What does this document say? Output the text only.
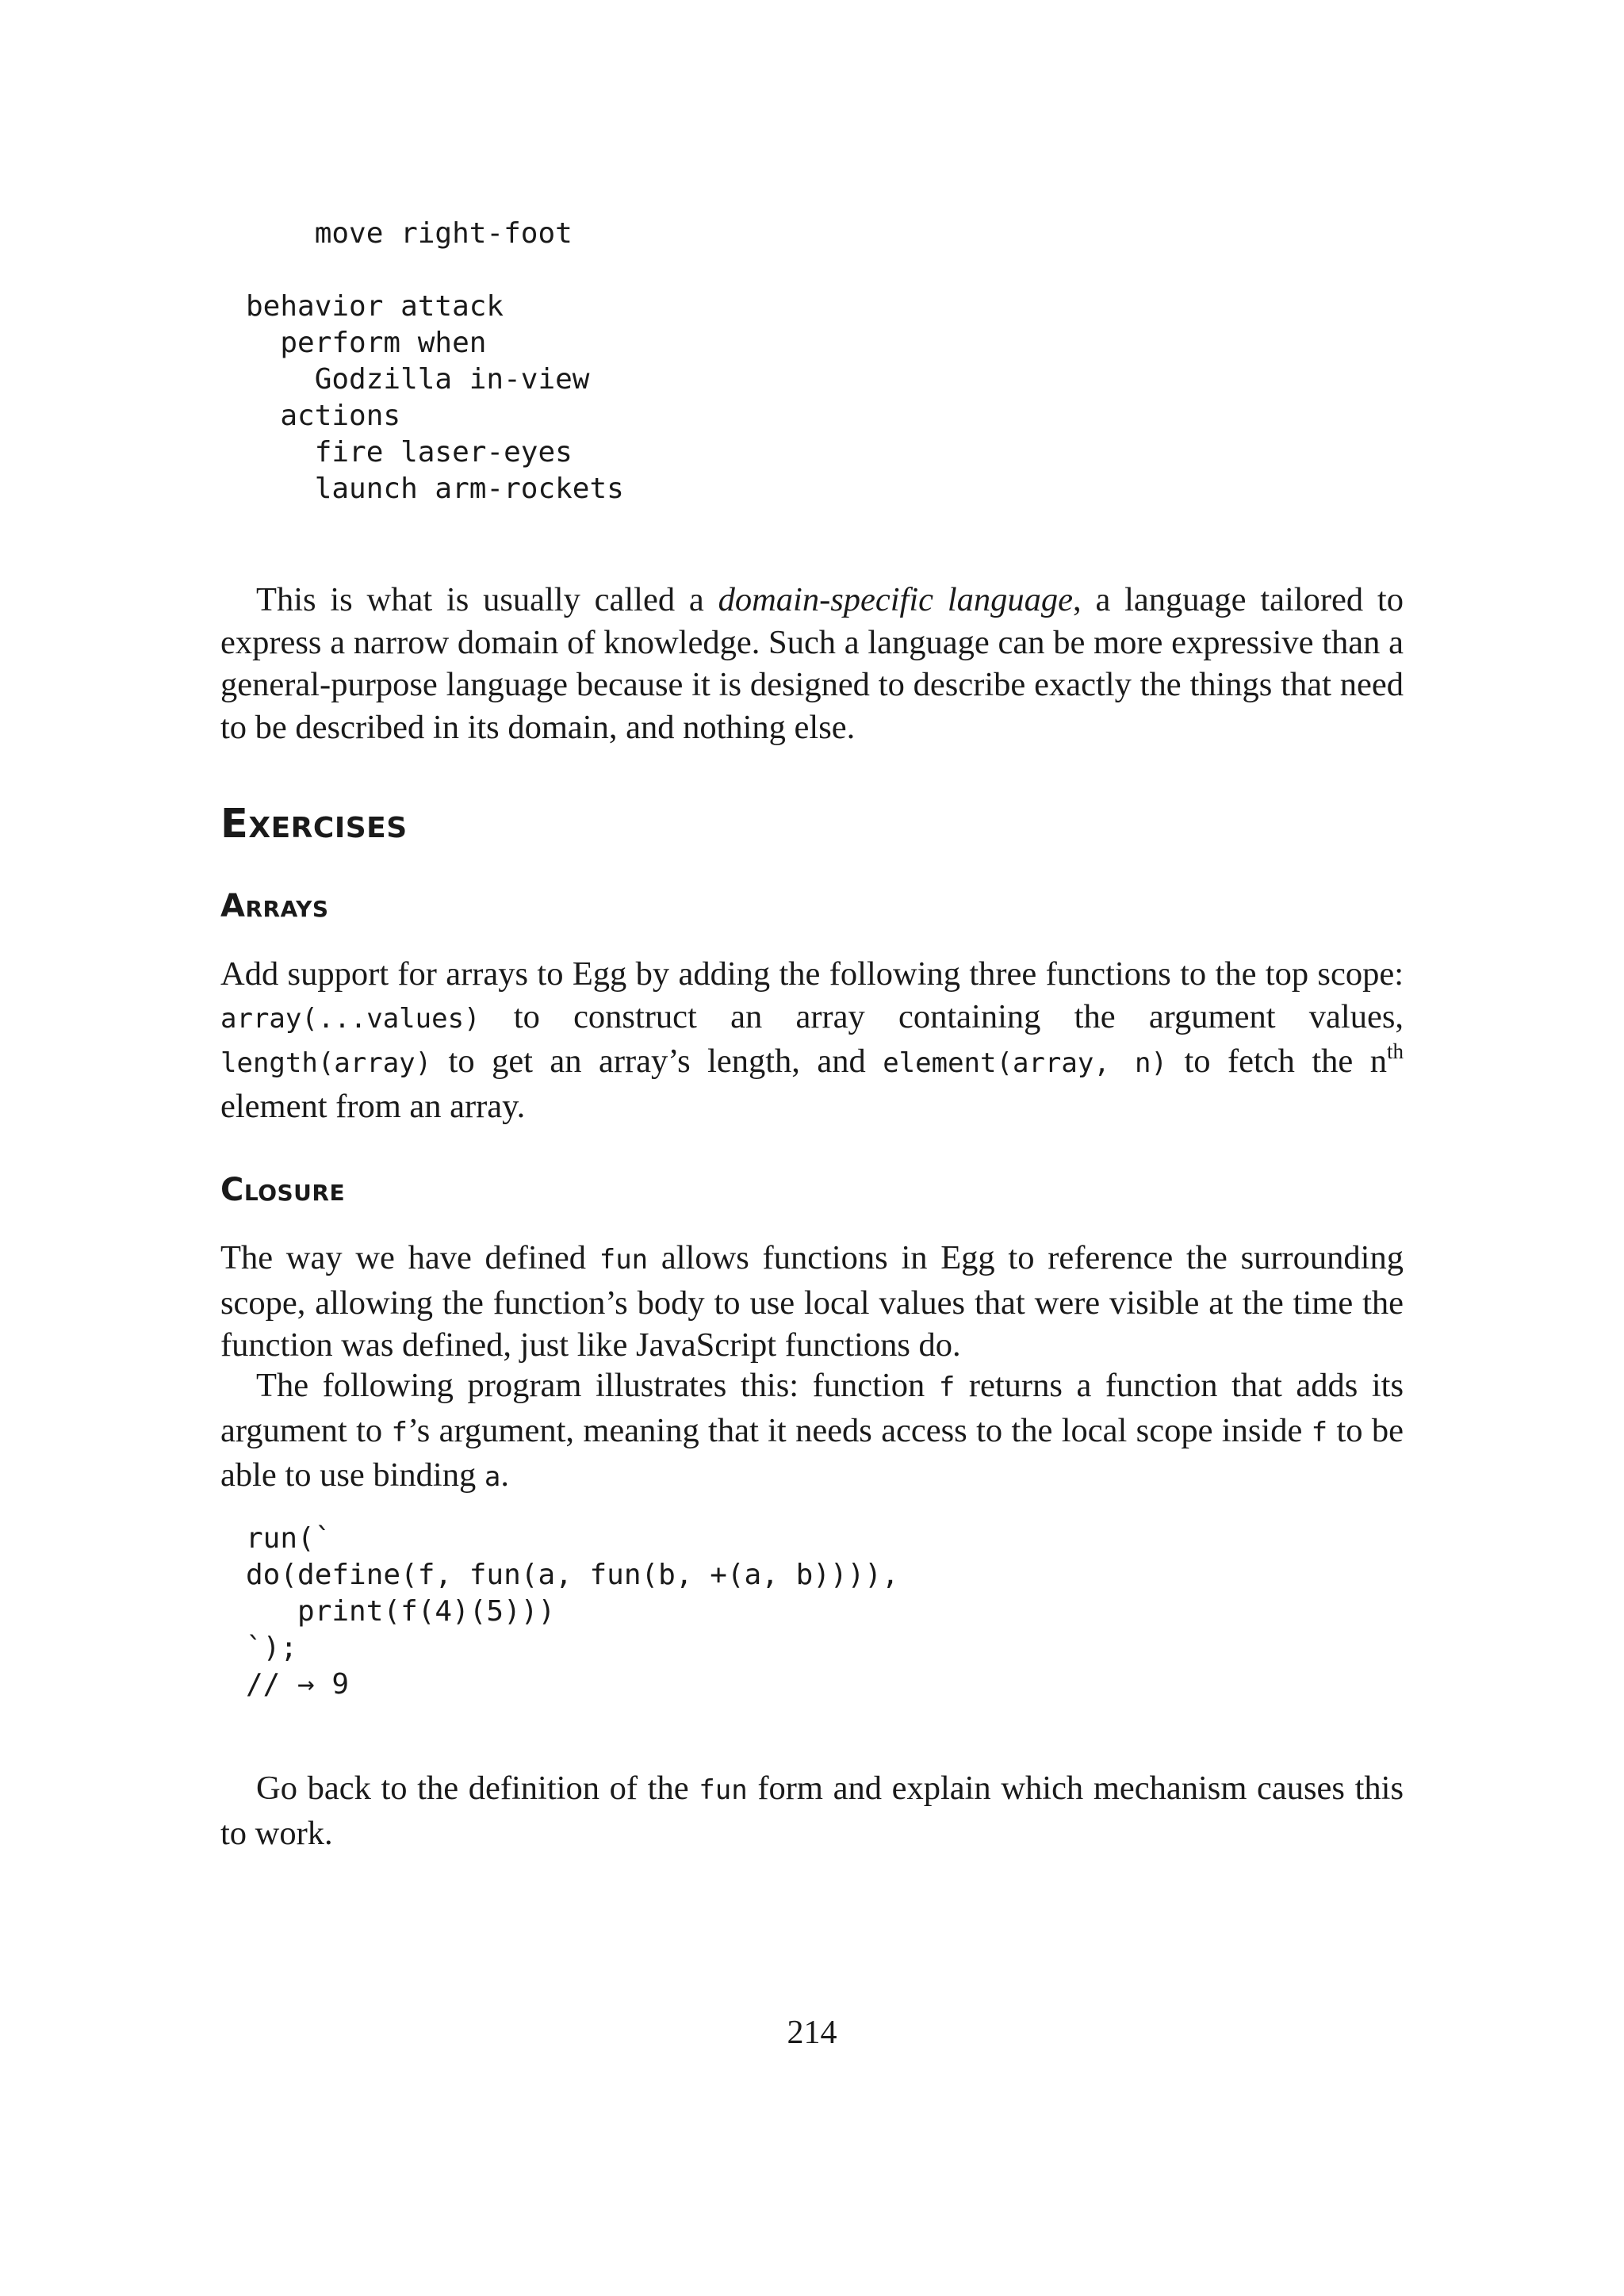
move right-foot

behavior attack
perform when
Godzilla in-view
actions
fire laser-eyes
launch arm-rockets

This is what is usually called a domain-specific language, a language tailored to express a narrow domain of knowledge. Such a language can be more expressive than a general-purpose language because it is designed to describe exactly the things that need to be described in its domain, and nothing else.

Exercises
Arrays

Add support for arrays to Egg by adding the following three functions to the top scope: array(...values) to construct an array containing the argument values, length(array) to get an array’s length, and element(array, n) to fetch the $n^{th}$ element from an array.

Closure

The way we have defined fun allows functions in Egg to reference the surrounding scope, allowing the function’s body to use local values that were visible at the time the function was defined, just like JavaScript functions do.

The following program illustrates this: function f returns a function that adds its argument to f’s argument, meaning that it needs access to the local scope inside f to be able to use binding a.

run(`
do(define(f, fun(a, fun(b, +(a, b)))),
print(f(4)(5)))
`);
// → 9

Go back to the definition of the fun form and explain which mechanism causes this to work.

214
